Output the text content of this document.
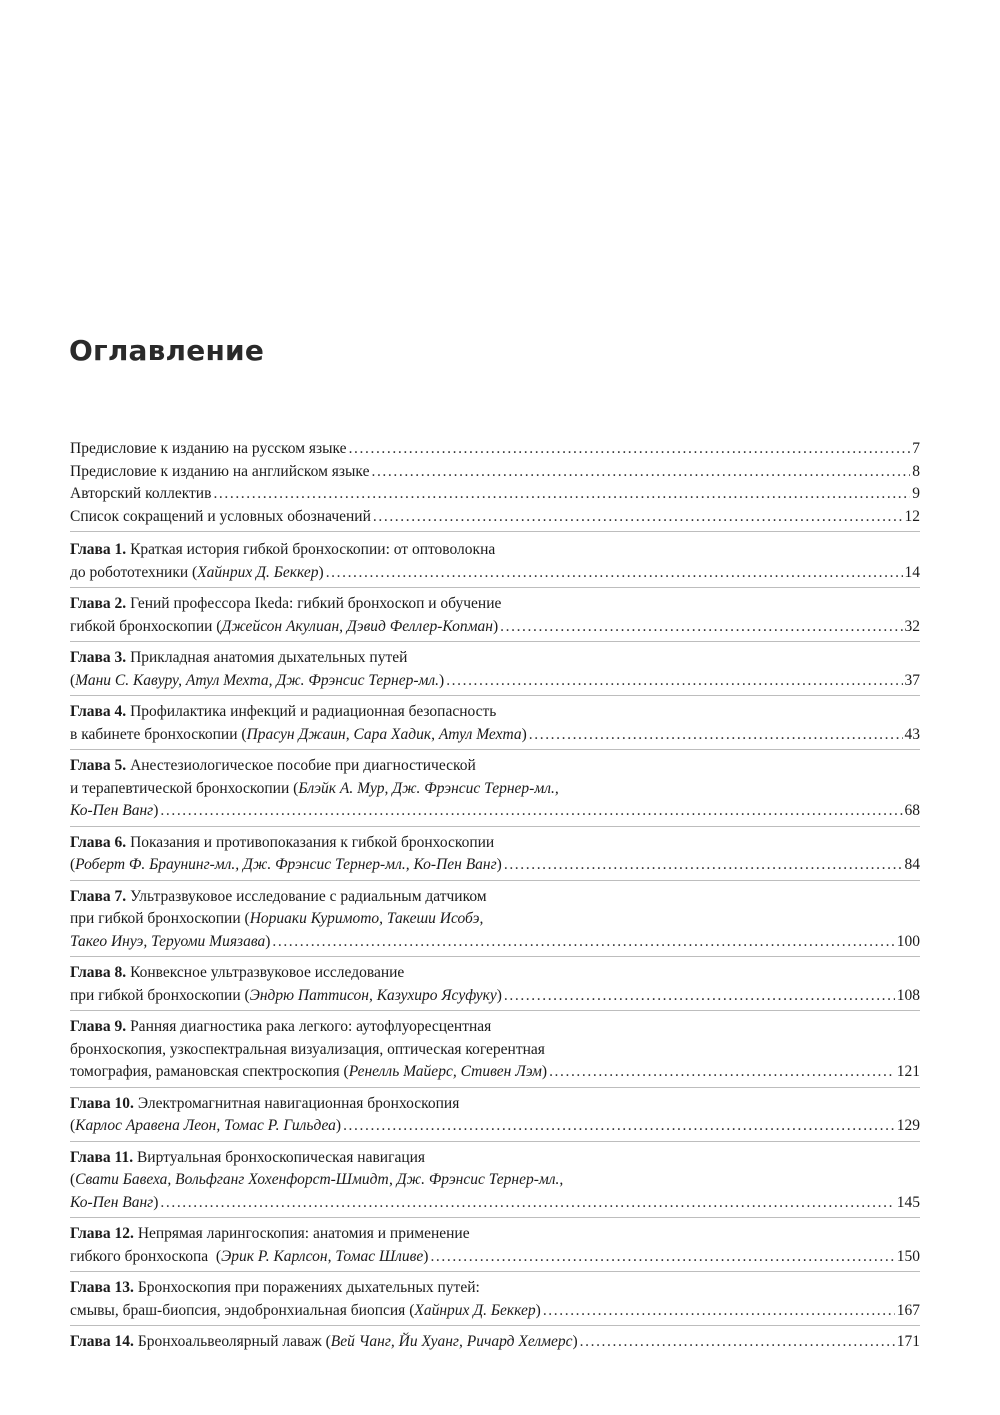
Оглавление
Предисловие к изданию на русском языке .....	7
Предисловие к изданию на английском языке .....	8
Авторский коллектив .....	9
Список сокращений и условных обозначений .....	12
Глава 1. Краткая история гибкой бронхоскопии: от оптоволокна
до робототехники (Хайнрих Д. Беккер) .....	14
Глава 2. Гений профессора Ikeda: гибкий бронхоскоп и обучение
гибкой бронхоскопии (Джейсон Акулиан, Дэвид Феллер-Копман) .....	32
Глава 3. Прикладная анатомия дыхательных путей
(Мани С. Кавуру, Атул Мехта, Дж. Фрэнсис Тернер-мл.) .....	37
Глава 4. Профилактика инфекций и радиационная безопасность
в кабинете бронхоскопии (Прасун Джаин, Сара Хадик, Атул Мехта) .....	43
Глава 5. Анестезиологическое пособие при диагностической
и терапевтической бронхоскопии (Блэйк А. Мур, Дж. Фрэнсис Тернер-мл.,
Ко-Пен Ванг) .....	68
Глава 6. Показания и противопоказания к гибкой бронхоскопии
(Роберт Ф. Браунинг-мл., Дж. Фрэнсис Тернер-мл., Ко-Пен Ванг) .....	84
Глава 7. Ультразвуковое исследование с радиальным датчиком
при гибкой бронхоскопии (Нориаки Куримото, Такеши Исобэ,
Такео Инуэ, Теруоми Миязава) .....	100
Глава 8. Конвексное ультразвуковое исследование
при гибкой бронхоскопии (Эндрю Паттисон, Казухиро Ясуфуку) .....	108
Глава 9. Ранняя диагностика рака легкого: аутофлуоресцентная
бронхоскопия, узкоспектральная визуализация, оптическая когерентная
томография, рамановская спектроскопия (Ренелль Майерс, Стивен Лэм) .....	121
Глава 10. Электромагнитная навигационная бронхоскопия
(Карлос Аравена Леон, Томас Р. Гильдеа) .....	129
Глава 11. Виртуальная бронхоскопическая навигация
(Свати Бавеха, Вольфганг Хохенфорст-Шмидт, Дж. Фрэнсис Тернер-мл.,
Ко-Пен Ванг) .....	145
Глава 12. Непрямая ларингоскопия: анатомия и применение
гибкого бронхоскопа  (Эрик Р. Карлсон, Томас Шливе) .....	150
Глава 13. Бронхоскопия при поражениях дыхательных путей:
смывы, браш-биопсия, эндобронхиальная биопсия (Хайнрих Д. Беккер) .....	167
Глава 14. Бронхоальвеолярный лаваж (Вей Чанг, Йи Хуанг, Ричард Хелмерс) .....	171
